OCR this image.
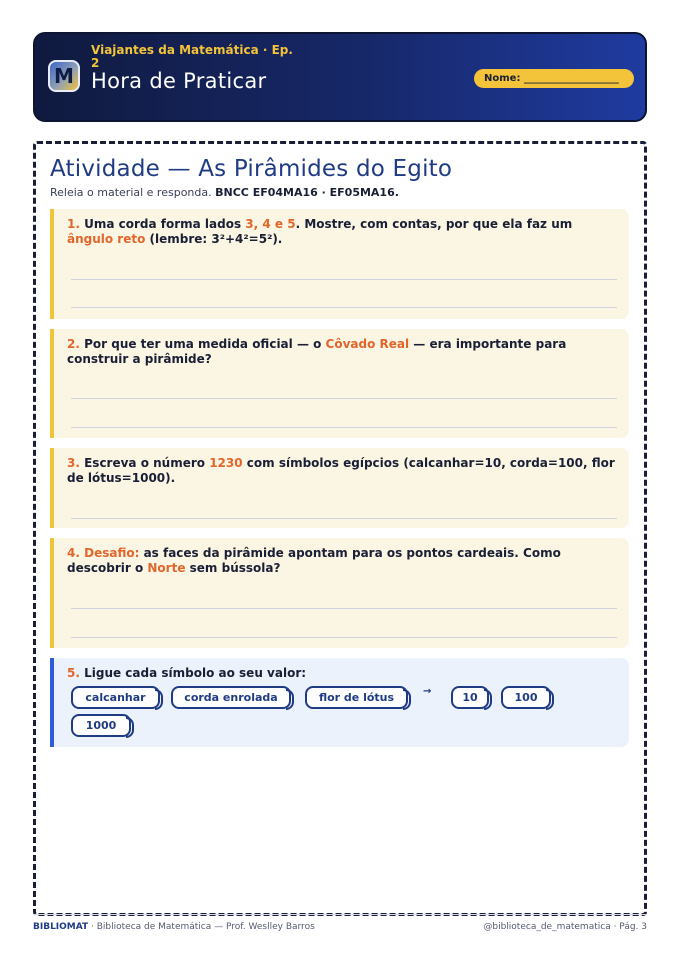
M
Viajantes da Matemática · Ep. 2
Hora de Praticar	Nome: ___________________
Atividade — As Pirâmides do Egito
Releia o material e responda. BNCC EF04MA16 · EF05MA16.
1. Uma corda forma lados 3, 4 e 5. Mostre, com contas, por que ela faz um ângulo reto (lembre: 3²+4²=5²).
2. Por que ter uma medida oficial — o Côvado Real — era importante para construir a pirâmide?
3. Escreva o número 1230 com símbolos egípcios (calcanhar=10, corda=100, flor de lótus=1000).
4. Desafio: as faces da pirâmide apontam para os pontos cardeais. Como descobrir o Norte sem bússola?
5. Ligue cada símbolo ao seu valor:
calcanhar	corda enrolada	flor de lótus	→	10	100
1000
BIBLIOMAT · Biblioteca de Matemática — Prof. Weslley Barros	@biblioteca_de_matematica · Pág. 3
